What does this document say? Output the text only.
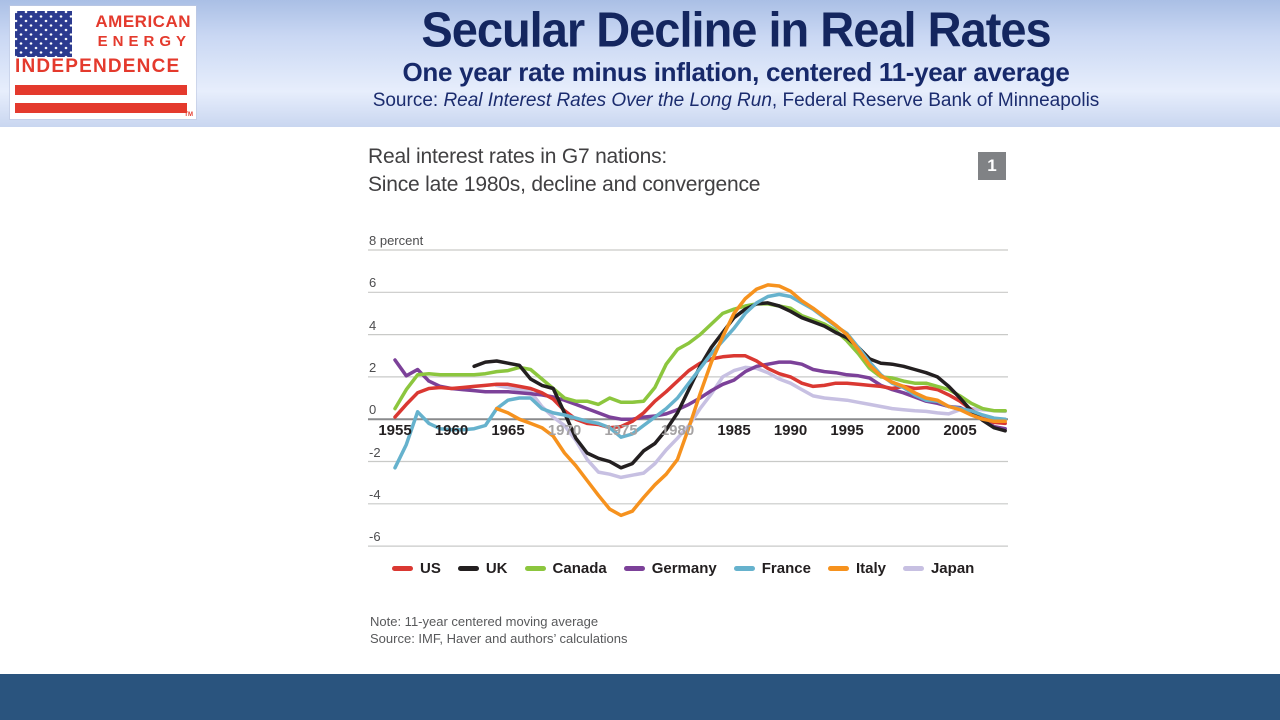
AMERICAN
ENERGY
INDEPENDENCE
TM
Secular Decline in Real Rates
One year rate minus inflation, centered 11-year average
Source: Real Interest Rates Over the Long Run, Federal Reserve Bank of Minneapolis
Real interest rates in G7 nations:
Since late 1980s, decline and convergence
1
8 percent
6
4
2
0
-2
-4
-6
1955 1960 1965 1970 1975 1980 1985 1990 1995 2000 2005
US	UK	Canada	Germany	France	Italy	Japan
Note: 11-year centered moving average
Source: IMF, Haver and authors’ calculations
